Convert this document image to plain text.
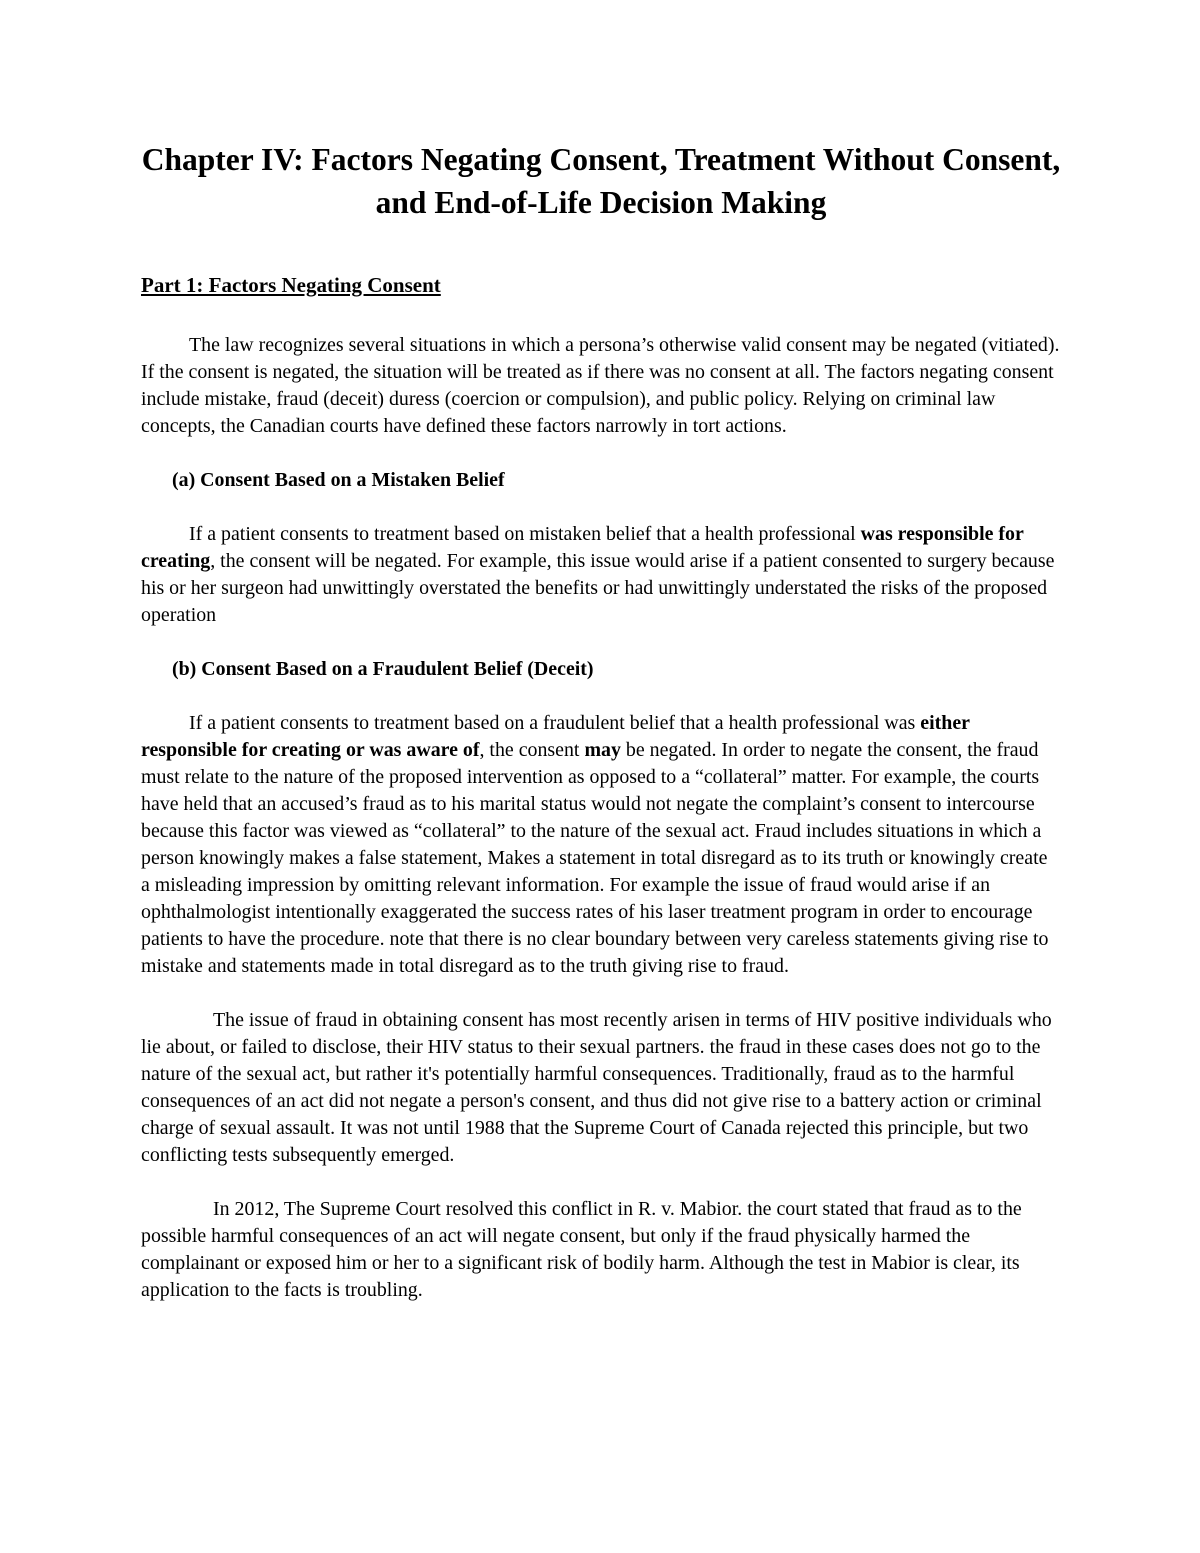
Chapter IV: Factors Negating Consent, Treatment Without Consent, and End-of-Life Decision Making
Part 1: Factors Negating Consent

The law recognizes several situations in which a persona’s otherwise valid consent may be negated (vitiated). If the consent is negated, the situation will be treated as if there was no consent at all. The factors negating consent include mistake, fraud (deceit) duress (coercion or compulsion), and public policy. Relying on criminal law concepts, the Canadian courts have defined these factors narrowly in tort actions.

(a) Consent Based on a Mistaken Belief

If a patient consents to treatment based on mistaken belief that a health professional was responsible for creating, the consent will be negated. For example, this issue would arise if a patient consented to surgery because his or her surgeon had unwittingly overstated the benefits or had unwittingly understated the risks of the proposed operation

(b) Consent Based on a Fraudulent Belief (Deceit)

If a patient consents to treatment based on a fraudulent belief that a health professional was either responsible for creating or was aware of, the consent may be negated. In order to negate the consent, the fraud must relate to the nature of the proposed intervention as opposed to a “collateral” matter. For example, the courts have held that an accused’s fraud as to his marital status would not negate the complaint’s consent to intercourse because this factor was viewed as “collateral” to the nature of the sexual act. Fraud includes situations in which a person knowingly makes a false statement, Makes a statement in total disregard as to its truth or knowingly create a misleading impression by omitting relevant information. For example the issue of fraud would arise if an ophthalmologist intentionally exaggerated the success rates of his laser treatment program in order to encourage patients to have the procedure. note that there is no clear boundary between very careless statements giving rise to mistake and statements made in total disregard as to the truth giving rise to fraud.

The issue of fraud in obtaining consent has most recently arisen in terms of HIV positive individuals who lie about, or failed to disclose, their HIV status to their sexual partners. the fraud in these cases does not go to the nature of the sexual act, but rather it's potentially harmful consequences. Traditionally, fraud as to the harmful consequences of an act did not negate a person's consent, and thus did not give rise to a battery action or criminal charge of sexual assault. It was not until 1988 that the Supreme Court of Canada rejected this principle, but two conflicting tests subsequently emerged.

In 2012, The Supreme Court resolved this conflict in R. v. Mabior. the court stated that fraud as to the possible harmful consequences of an act will negate consent, but only if the fraud physically harmed the complainant or exposed him or her to a significant risk of bodily harm. Although the test in Mabior is clear, its application to the facts is troubling.
